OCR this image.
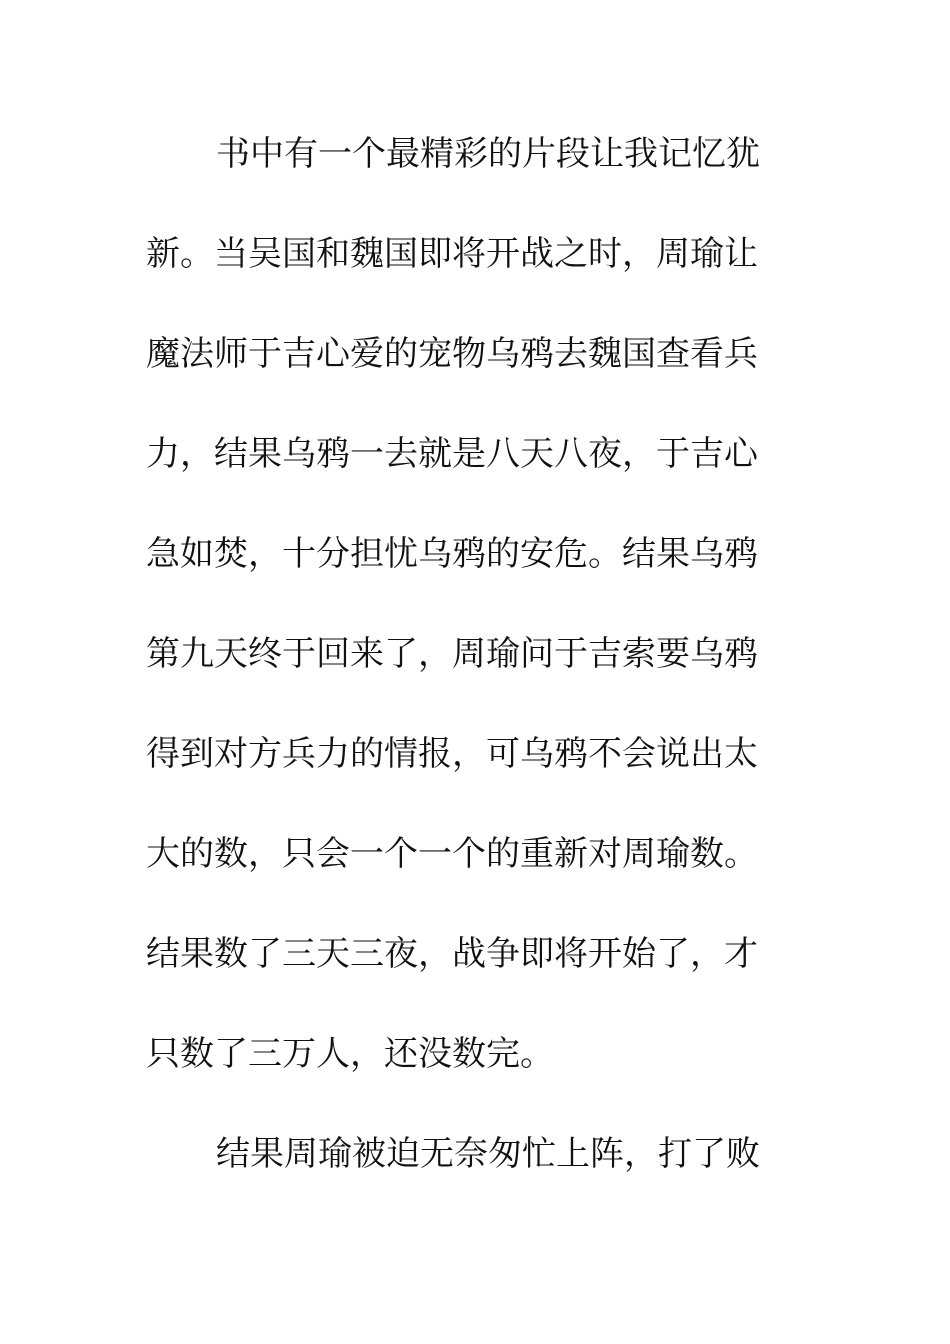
书中有一个最精彩的片段让我记忆犹
新。当吴国和魏国即将开战之时，周瑜让
魔法师于吉心爱的宠物乌鸦去魏国查看兵
力，结果乌鸦一去就是八天八夜，于吉心
急如焚，十分担忧乌鸦的安危。结果乌鸦
第九天终于回来了，周瑜问于吉索要乌鸦
得到对方兵力的情报，可乌鸦不会说出太
大的数，只会一个一个的重新对周瑜数。
结果数了三天三夜，战争即将开始了，才
只数了三万人，还没数完。
结果周瑜被迫无奈匆忙上阵，打了败
